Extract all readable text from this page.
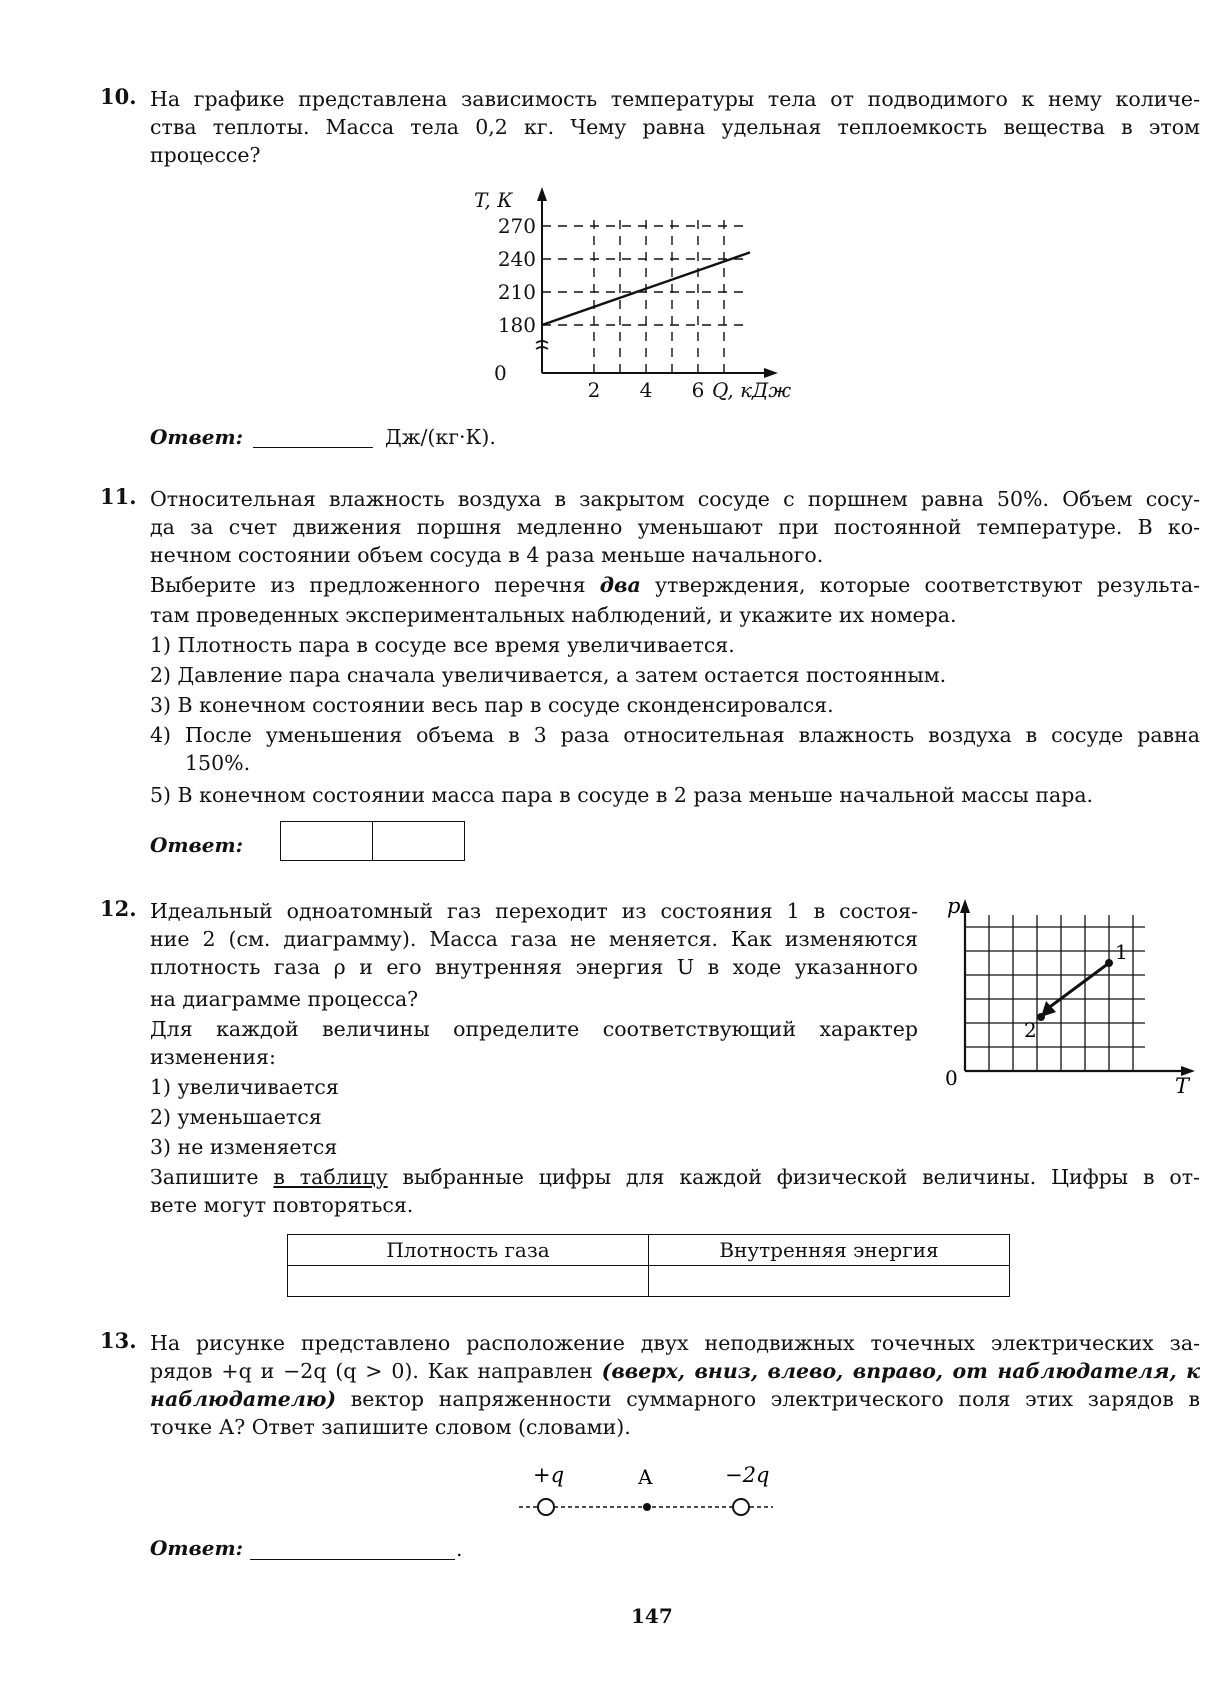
10. На графике представлена зависимость температуры тела от подводимого к нему количе-
ства теплоты. Масса тела 0,2 кг. Чему равна удельная теплоемкость вещества в этом
процессе?
270
240
210
180
2 4 6
0
T, К
Q, кДж
Ответ:	Дж/(кг·К).
11. Относительная влажность воздуха в закрытом сосуде с поршнем равна 50%. Объем сосу-
да за счет движения поршня медленно уменьшают при постоянной температуре. В ко-
нечном состоянии объем сосуда в 4 раза меньше начального.
Выберите из предложенного перечня два утверждения, которые соответствуют результа-
там проведенных экспериментальных наблюдений, и укажите их номера.
1) Плотность пара в сосуде все время увеличивается.
2) Давление пара сначала увеличивается, а затем остается постоянным.
3) В конечном состоянии весь пар в сосуде сконденсировался.
4) После уменьшения объема в 3 раза относительная влажность воздуха в сосуде равна
150%.
5) В конечном состоянии масса пара в сосуде в 2 раза меньше начальной массы пара.
Ответ:
12. Идеальный одноатомный газ переходит из состояния 1 в состоя-
ние 2 (см. диаграмму). Масса газа не меняется. Как изменяются
плотность газа ρ и его внутренняя энергия U в ходе указанного
на диаграмме процесса?
Для каждой величины определите соответствующий характер
изменения:
1) увеличивается
2) уменьшается
3) не изменяется
Запишите в таблицу выбранные цифры для каждой физической величины. Цифры в от-
вете могут повторяться.
p
T
0
1
2
Плотность газа	Внутренняя энергия

13. На рисунке представлено расположение двух неподвижных точечных электрических за-
рядов +q и −2q (q > 0). Как направлен (вверх, вниз, влево, вправо, от наблюдателя, к
наблюдателю) вектор напряженности суммарного электрического поля этих зарядов в
точке А? Ответ запишите словом (словами).
+q	A	−2q
Ответ:	.
147
